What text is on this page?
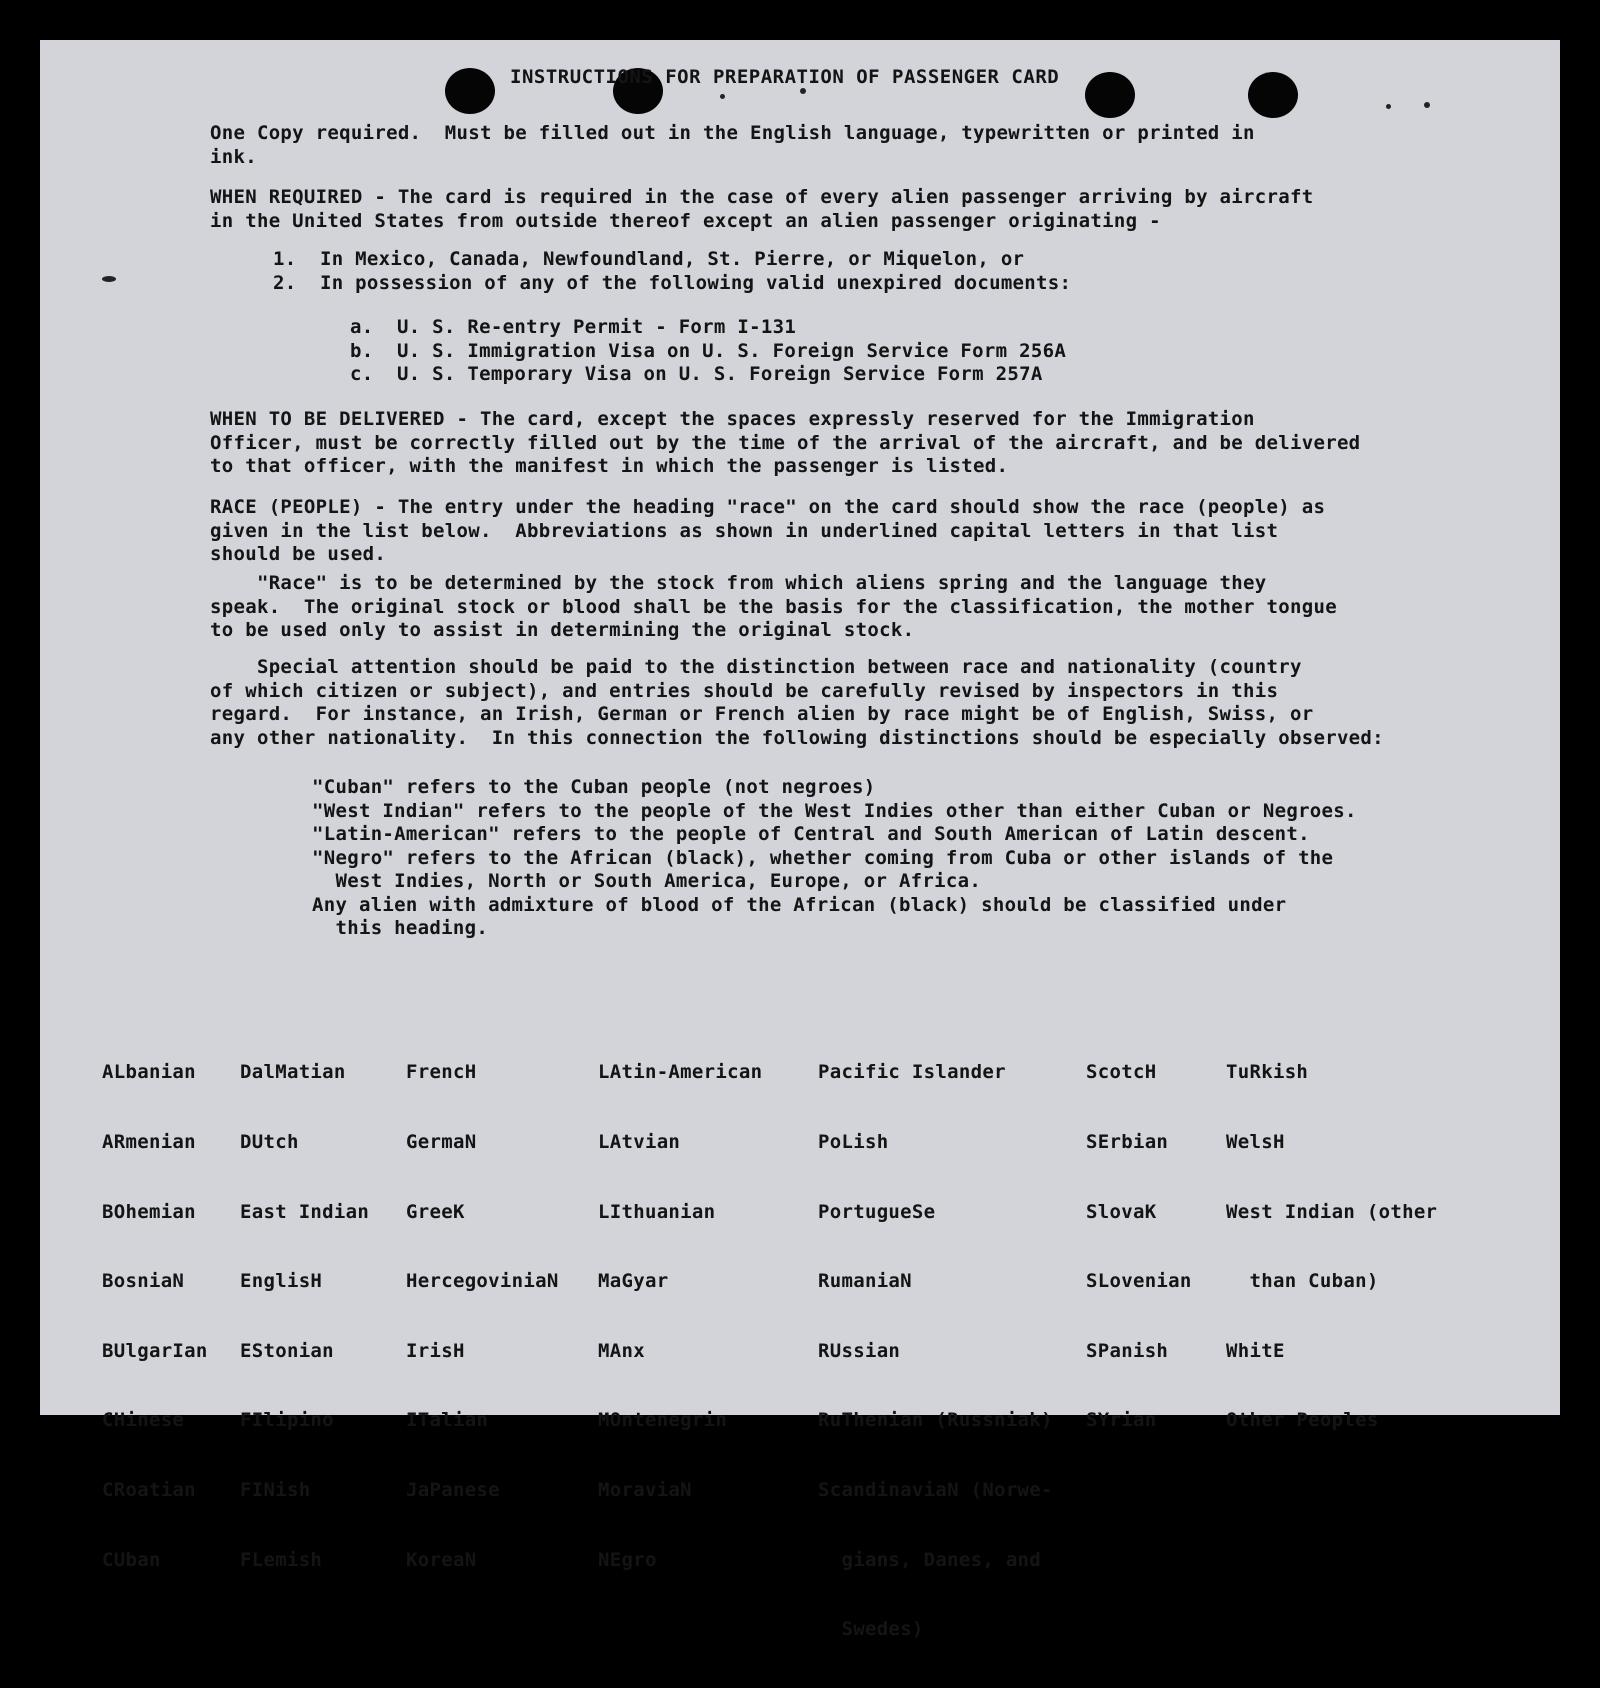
INSTRUCTIONS FOR PREPARATION OF PASSENGER CARD
One Copy required.  Must be filled out in the English language, typewritten or printed in
ink.
WHEN REQUIRED - The card is required in the case of every alien passenger arriving by aircraft
in the United States from outside thereof except an alien passenger originating -
1.  In Mexico, Canada, Newfoundland, St. Pierre, or Miquelon, or
2.  In possession of any of the following valid unexpired documents:
a.  U. S. Re-entry Permit - Form I-131
b.  U. S. Immigration Visa on U. S. Foreign Service Form 256A
c.  U. S. Temporary Visa on U. S. Foreign Service Form 257A
WHEN TO BE DELIVERED - The card, except the spaces expressly reserved for the Immigration
Officer, must be correctly filled out by the time of the arrival of the aircraft, and be delivered
to that officer, with the manifest in which the passenger is listed.
RACE (PEOPLE) - The entry under the heading "race" on the card should show the race (people) as
given in the list below.  Abbreviations as shown in underlined capital letters in that list
should be used.
"Race" is to be determined by the stock from which aliens spring and the language they
speak.  The original stock or blood shall be the basis for the classification, the mother tongue
to be used only to assist in determining the original stock.
Special attention should be paid to the distinction between race and nationality (country
of which citizen or subject), and entries should be carefully revised by inspectors in this
regard.  For instance, an Irish, German or French alien by race might be of English, Swiss, or
any other nationality.  In this connection the following distinctions should be especially observed:
"Cuban" refers to the Cuban people (not negroes)
"West Indian" refers to the people of the West Indies other than either Cuban or Negroes.
"Latin-American" refers to the people of Central and South American of Latin descent.
"Negro" refers to the African (black), whether coming from Cuba or other islands of the
West Indies, North or South America, Europe, or Africa.
Any alien with admixture of blood of the African (black) should be classified under
this heading.

ALbanian

ARmenian

BOhemian

BosniaN

BUlgarIan

CHinese

CRoatian

CUban

DalMatian

DUtch

East Indian

EnglisH

EStonian

FIlipino

FINish

FLemish

FrencH

GermaN

GreeK

HercegoviniaN

IrisH

ITalian

JaPanese

KoreaN

LAtin-American

LAtvian

LIthuanian

MaGyar

MAnx

MOntenegrin

MoraviaN

NEgro

Pacific Islander

PoLish

PortugueSe

RumaniaN

RUssian

RuThenian (Russniak)

ScandinaviaN (Norwe-

gians, Danes, and

Swedes)

ScotcH

SErbian

SlovaK

SLovenian

SPanish

SYrian

TuRkish

WelsH

West Indian (other

than Cuban)

WhitE

Other Peoples
